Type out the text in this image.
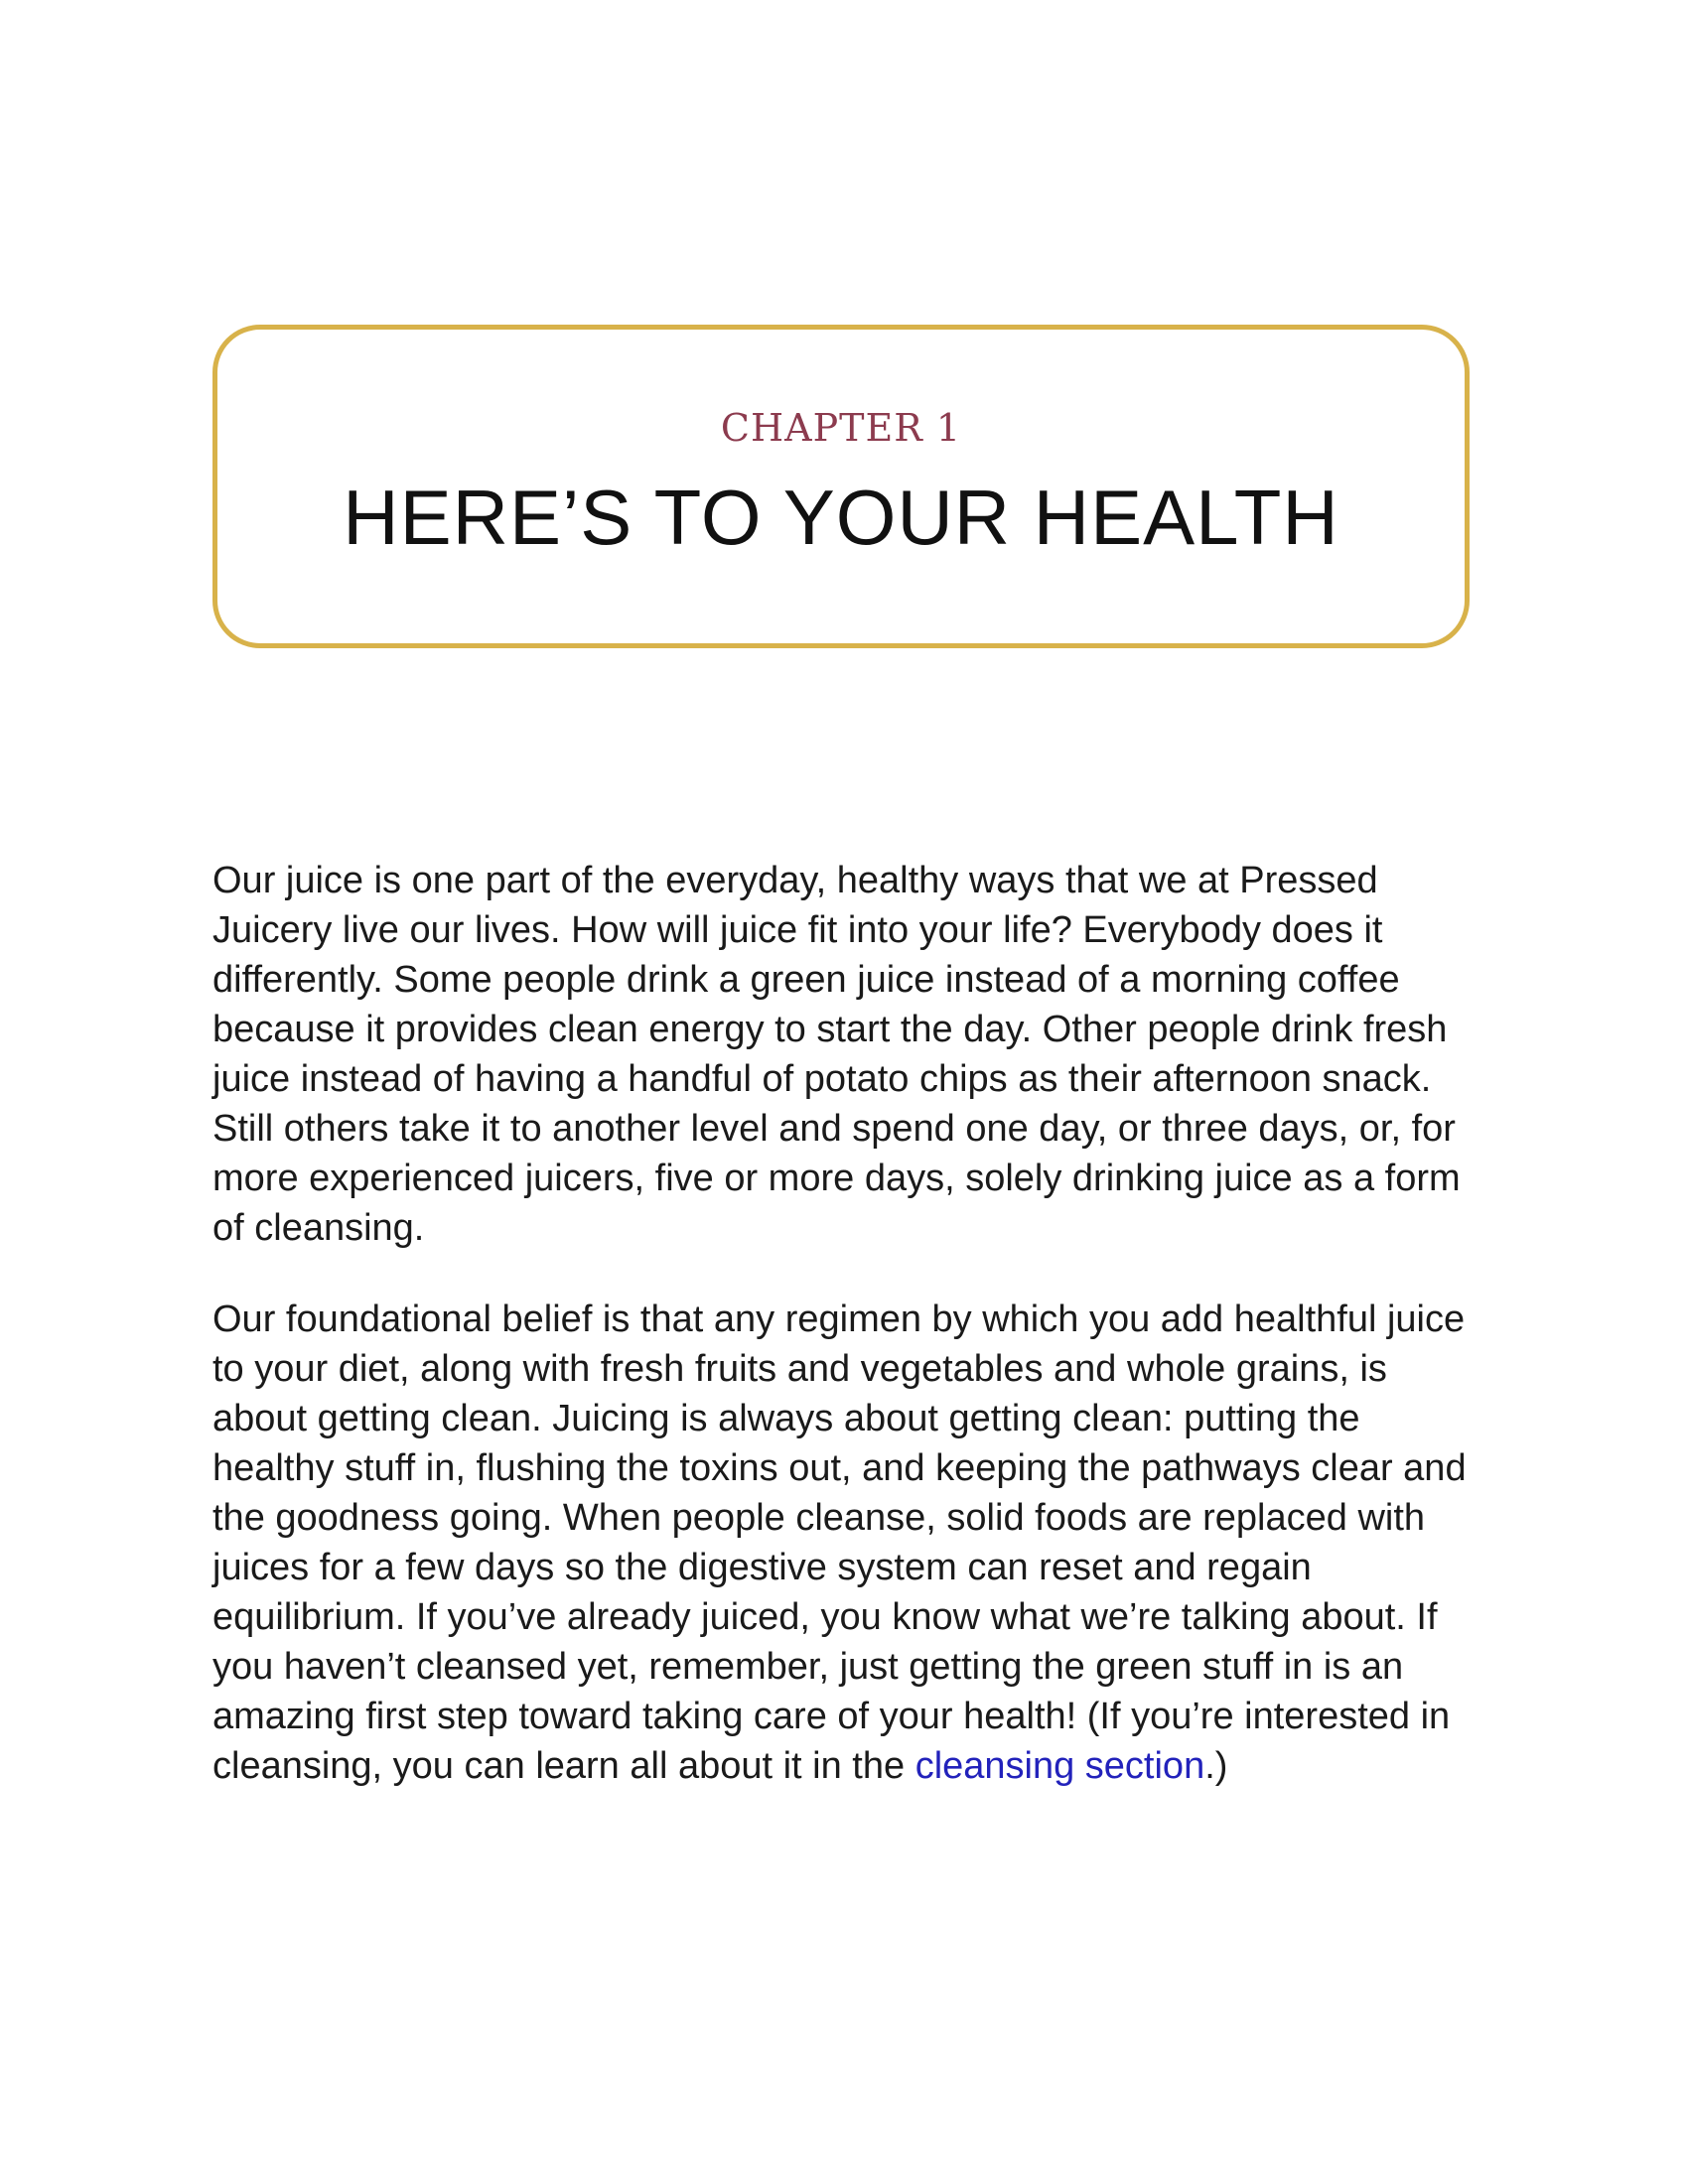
CHAPTER 1
HERE’S TO YOUR HEALTH

Our juice is one part of the everyday, healthy ways that we at Pressed Juicery live our lives. How will juice fit into your life? Everybody does it differently. Some people drink a green juice instead of a morning coffee because it provides clean energy to start the day. Other people drink fresh juice instead of having a handful of potato chips as their afternoon snack. Still others take it to another level and spend one day, or three days, or, for more experienced juicers, five or more days, solely drinking juice as a form of cleansing.

Our foundational belief is that any regimen by which you add healthful juice to your diet, along with fresh fruits and vegetables and whole grains, is about getting clean. Juicing is always about getting clean: putting the healthy stuff in, flushing the toxins out, and keeping the pathways clear and the goodness going. When people cleanse, solid foods are replaced with juices for a few days so the digestive system can reset and regain equilibrium. If you’ve already juiced, you know what we’re talking about. If you haven’t cleansed yet, remember, just getting the green stuff in is an amazing first step toward taking care of your health! (If you’re interested in cleansing, you can learn all about it in the cleansing section.)
